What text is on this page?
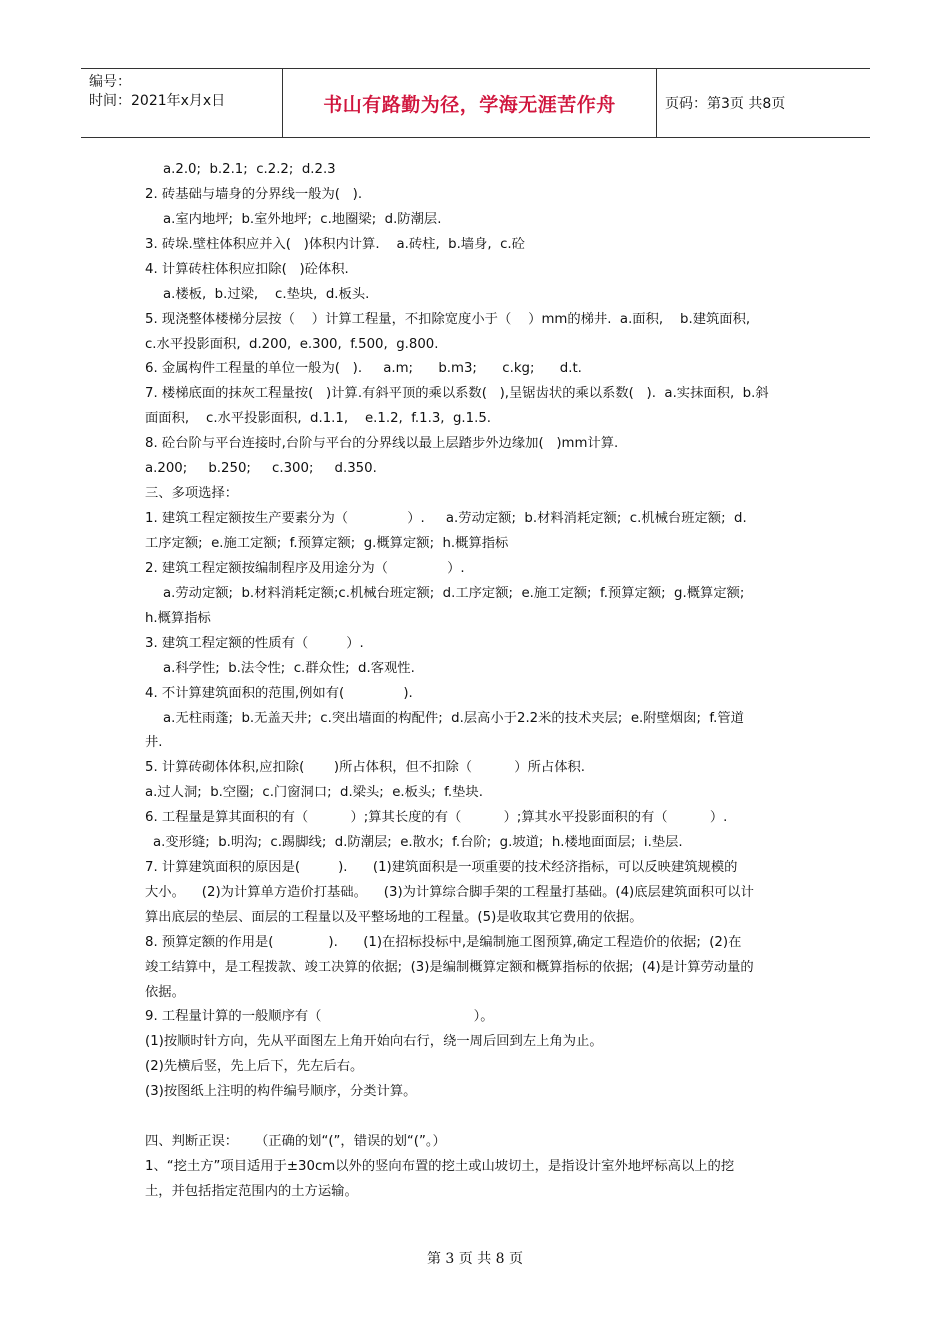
编号：
时间：2021年x月x日	书山有路勤为径，学海无涯苦作舟	页码：第3页 共8页
a.2.0;  b.2.1;  c.2.2;  d.2.3
2. 砖基础与墙身的分界线一般为(   ).
a.室内地坪;  b.室外地坪;  c.地圈梁;  d.防潮层.
3. 砖垛.壁柱体积应并入(   )体积内计算.    a.砖柱,  b.墙身,  c.砼
4. 计算砖柱体积应扣除(   )砼体积.
a.楼板,  b.过梁,    c.垫块,  d.板头.
5. 现浇整体楼梯分层按（    ）计算工程量，不扣除宽度小于（    ）mm的梯井.  a.面积,    b.建筑面积,
c.水平投影面积,  d.200,  e.300,  f.500,  g.800.
6. 金属构件工程量的单位一般为(   ).     a.m;      b.m3;      c.kg;      d.t.
7. 楼梯底面的抹灰工程量按(   )计算.有斜平顶的乘以系数(   ),呈锯齿状的乘以系数(   ).  a.实抹面积,  b.斜
面面积,    c.水平投影面积,  d.1.1,    e.1.2,  f.1.3,  g.1.5.
8. 砼台阶与平台连接时,台阶与平台的分界线以最上层踏步外边缘加(   )mm计算.
a.200;     b.250;     c.300;     d.350.
三、多项选择：
1. 建筑工程定额按生产要素分为（              ）.     a.劳动定额;  b.材料消耗定额;  c.机械台班定额;  d.
工序定额;  e.施工定额;  f.预算定额;  g.概算定额;  h.概算指标
2. 建筑工程定额按编制程序及用途分为（              ）.
a.劳动定额;  b.材料消耗定额;c.机械台班定额;  d.工序定额;  e.施工定额;  f.预算定额;  g.概算定额;
h.概算指标
3. 建筑工程定额的性质有（         ）.
a.科学性;  b.法令性;  c.群众性;  d.客观性.
4. 不计算建筑面积的范围,例如有(              ).
a.无柱雨蓬;  b.无盖天井;  c.突出墙面的构配件;  d.层高小于2.2米的技术夹层;  e.附壁烟囱;  f.管道
井.
5. 计算砖砌体体积,应扣除(       )所占体积，但不扣除（          ）所占体积.
a.过人洞;  b.空圈;  c.门窗洞口;  d.梁头;  e.板头;  f.垫块.
6. 工程量是算其面积的有（          ）;算其长度的有（          ）;算其水平投影面积的有（          ）.
a.变形缝;  b.明沟;  c.踢脚线;  d.防潮层;  e.散水;  f.台阶;  g.坡道;  h.楼地面面层;  i.垫层.
7. 计算建筑面积的原因是(         ).      (1)建筑面积是一项重要的技术经济指标，可以反映建筑规模的
大小。    (2)为计算单方造价打基础。    (3)为计算综合脚手架的工程量打基础。(4)底层建筑面积可以计
算出底层的垫层、面层的工程量以及平整场地的工程量。(5)是收取其它费用的依据。
8. 预算定额的作用是(             ).      (1)在招标投标中,是编制施工图预算,确定工程造价的依据;  (2)在
竣工结算中，是工程拨款、竣工决算的依据;  (3)是编制概算定额和概算指标的依据;  (4)是计算劳动量的
依据。
9. 工程量计算的一般顺序有（                                    ）。
(1)按顺时针方向，先从平面图左上角开始向右行，绕一周后回到左上角为止。
(2)先横后竖，先上后下，先左后右。
(3)按图纸上注明的构件编号顺序，分类计算。
四、判断正误：    （正确的划“(”，错误的划“(”。）
1、“挖土方”项目适用于±30cm以外的竖向布置的挖土或山坡切土，是指设计室外地坪标高以上的挖
土，并包括指定范围内的土方运输。
第 3 页 共 8 页
